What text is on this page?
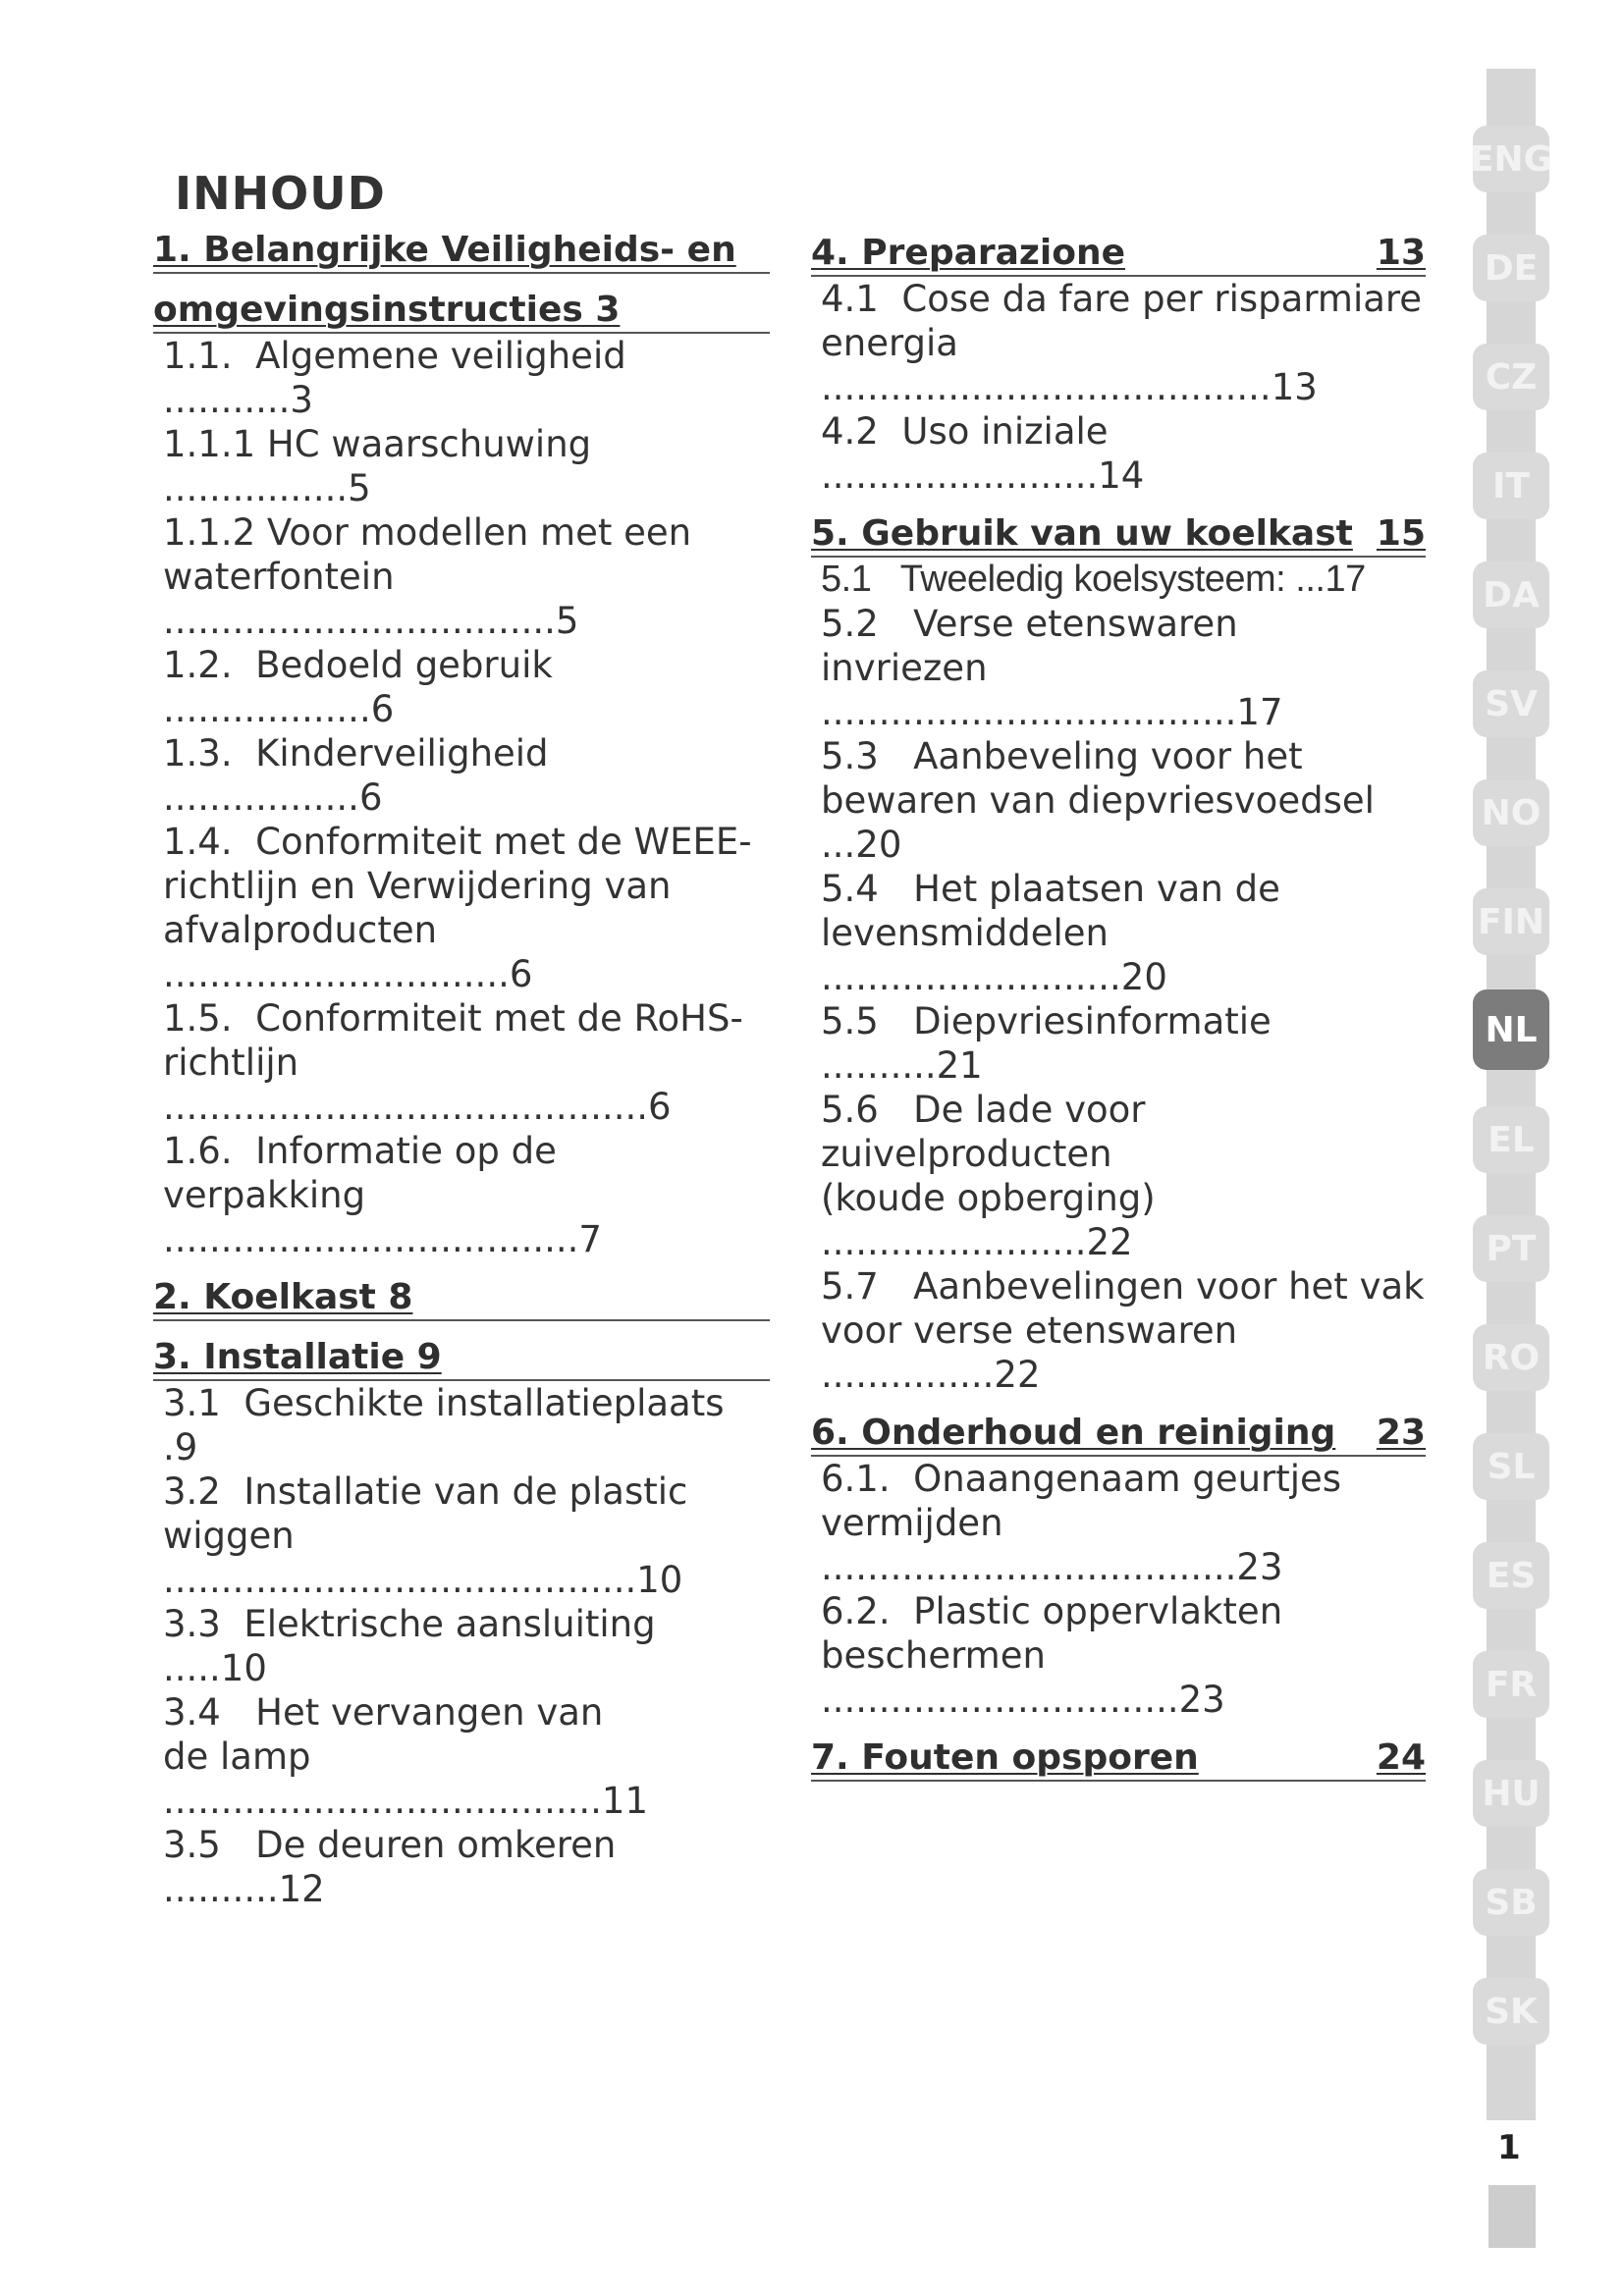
INHOUD
1. Belangrijke Veiligheids- en
omgevingsinstructies 3
1.1.  Algemene veiligheid ...........3
1.1.1 HC waarschuwing ................5
1.1.2 Voor modellen met een
waterfontein ..................................5
1.2.  Bedoeld gebruik ..................6
1.3.  Kinderveiligheid .................6
1.4.  Conformiteit met de WEEE-
richtlijn en Verwijdering van
afvalproducten ..............................6
1.5.  Conformiteit met de RoHS-
richtlijn ..........................................6
1.6.  Informatie op de
verpakking ....................................7
2. Koelkast 8
3. Installatie 9
3.1  Geschikte installatieplaats .9
3.2  Installatie van de plastic
wiggen .........................................10
3.3  Elektrische aansluiting .....10
3.4   Het vervangen van
de lamp  ......................................11
3.5   De deuren omkeren ..........12
4. Preparazione	13
4.1  Cose da fare per risparmiare
energia .......................................13
4.2  Uso iniziale ........................14
5. Gebruik van uw koelkast 15
5.1   Tweeledig koelsysteem: ...17
5.2   Verse etenswaren
invriezen ....................................17
5.3   Aanbeveling voor het
bewaren van diepvriesvoedsel ...20
5.4   Het plaatsen van de
levensmiddelen ..........................20
5.5   Diepvriesinformatie ..........21
5.6   De lade voor zuivelproducten
(koude opberging) .......................22
5.7   Aanbevelingen voor het vak
voor verse etenswaren ...............22
6. Onderhoud en reiniging 23
6.1.  Onaangenaam geurtjes
vermijden ....................................23
6.2.  Plastic oppervlakten
beschermen  ...............................23
7. Fouten opsporen	24
ENG
DE
CZ
IT
DA
SV
NO
FIN
NL
EL
PT
RO
SL
ES
FR
HU
SB
SK
1
